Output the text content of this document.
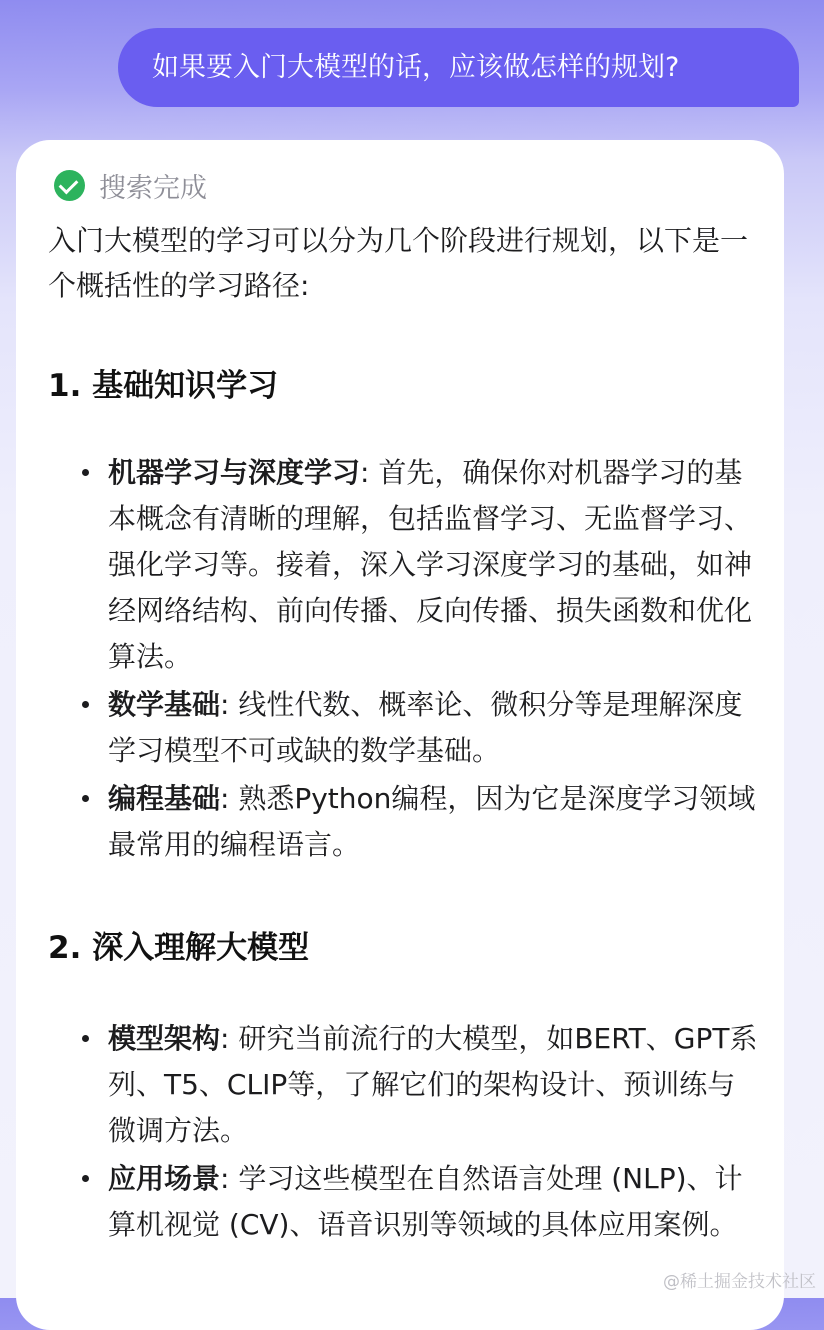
如果要入门大模型的话，应该做怎样的规划?
搜索完成
入门大模型的学习可以分为几个阶段进行规划，以下是一个概括性的学习路径:
1. 基础知识学习
机器学习与深度学习: 首先，确保你对机器学习的基本概念有清晰的理解，包括监督学习、无监督学习、强化学习等。接着，深入学习深度学习的基础，如神经网络结构、前向传播、反向传播、损失函数和优化算法。
数学基础: 线性代数、概率论、微积分等是理解深度学习模型不可或缺的数学基础。
编程基础: 熟悉Python编程，因为它是深度学习领域最常用的编程语言。
2. 深入理解大模型
模型架构: 研究当前流行的大模型，如BERT、GPT系列、T5、CLIP等，了解它们的架构设计、预训练与微调方法。
应用场景: 学习这些模型在自然语言处理 (NLP)、计算机视觉 (CV)、语音识别等领域的具体应用案例。
@稀土掘金技术社区
